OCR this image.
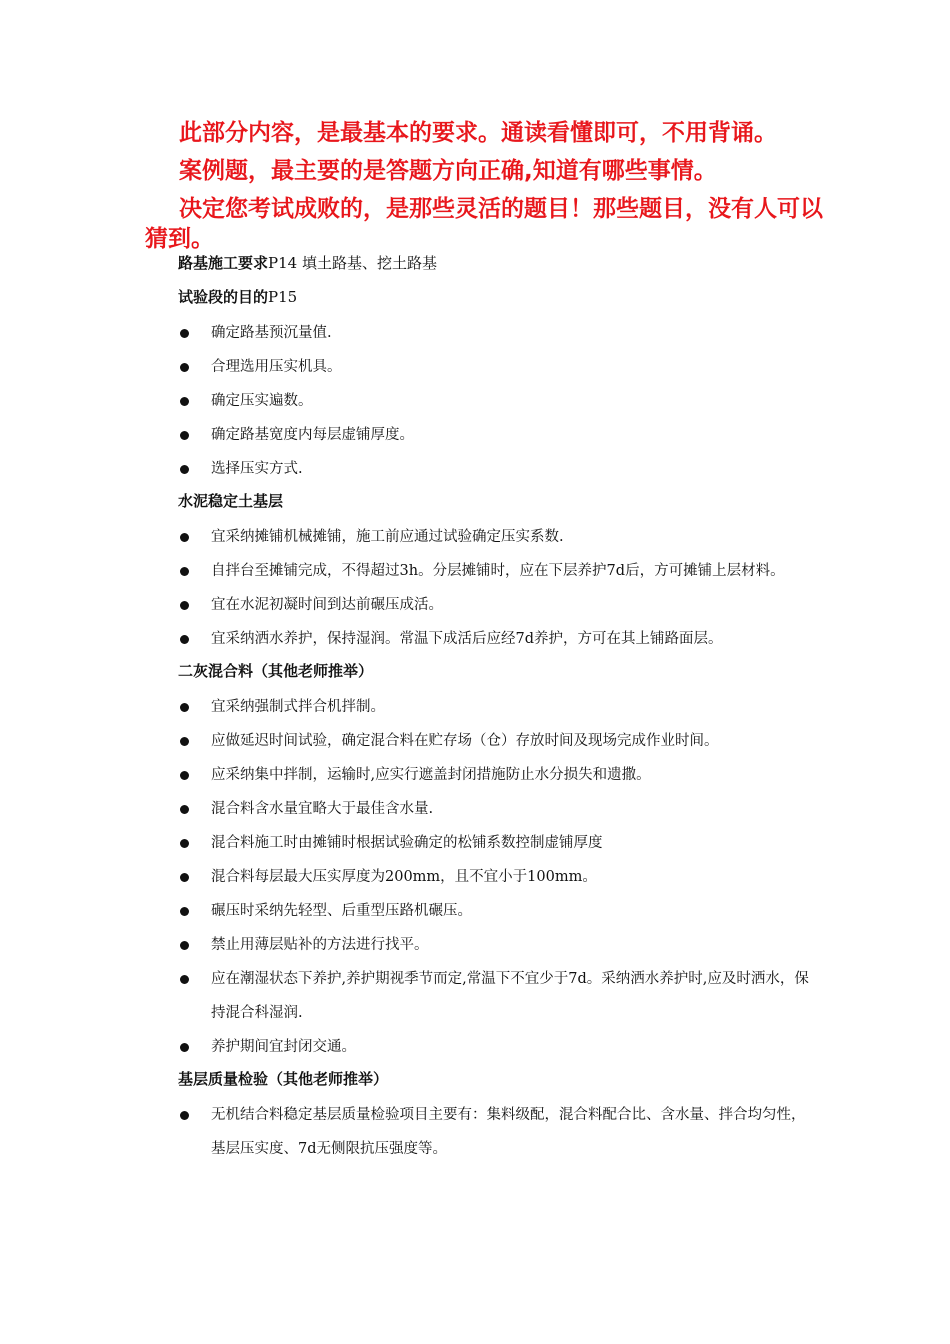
此部分内容，是最基本的要求。通读看懂即可，不用背诵。

案例题，最主要的是答题方向正确,知道有哪些事情。

决定您考试成败的，是那些灵活的题目！那些题目，没有人可以猜到。

路基施工要求P14 填土路基、挖土路基
试验段的目的P15
确定路基预沉量值.
合理选用压实机具。
确定压实遍数。
确定路基宽度内每层虚铺厚度。
选择压实方式.
水泥稳定土基层
宜采纳摊铺机械摊铺，施工前应通过试验确定压实系数.
自拌台至摊铺完成，不得超过3h。分层摊铺时，应在下层养护7d后，方可摊铺上层材料。
宜在水泥初凝时间到达前碾压成活。
宜采纳洒水养护，保持湿润。常温下成活后应经7d养护，方可在其上铺路面层。
二灰混合料（其他老师推举）
宜采纳强制式拌合机拌制。
应做延迟时间试验，确定混合料在贮存场（仓）存放时间及现场完成作业时间。
应采纳集中拌制，运输时,应实行遮盖封闭措施防止水分损失和遗撒。
混合料含水量宜略大于最佳含水量.
混合料施工时由摊铺时根据试验确定的松铺系数控制虚铺厚度
混合料每层最大压实厚度为200mm，且不宜小于100mm。
碾压时采纳先轻型、后重型压路机碾压。
禁止用薄层贴补的方法进行找平。
应在潮湿状态下养护,养护期视季节而定,常温下不宜少于7d。采纳洒水养护时,应及时洒水，保持混合科湿润.
养护期间宜封闭交通。
基层质量检验（其他老师推举）
无机结合料稳定基层质量检验项目主要有：集料级配，混合料配合比、含水量、拌合均匀性，基层压实度、7d无侧限抗压强度等。
